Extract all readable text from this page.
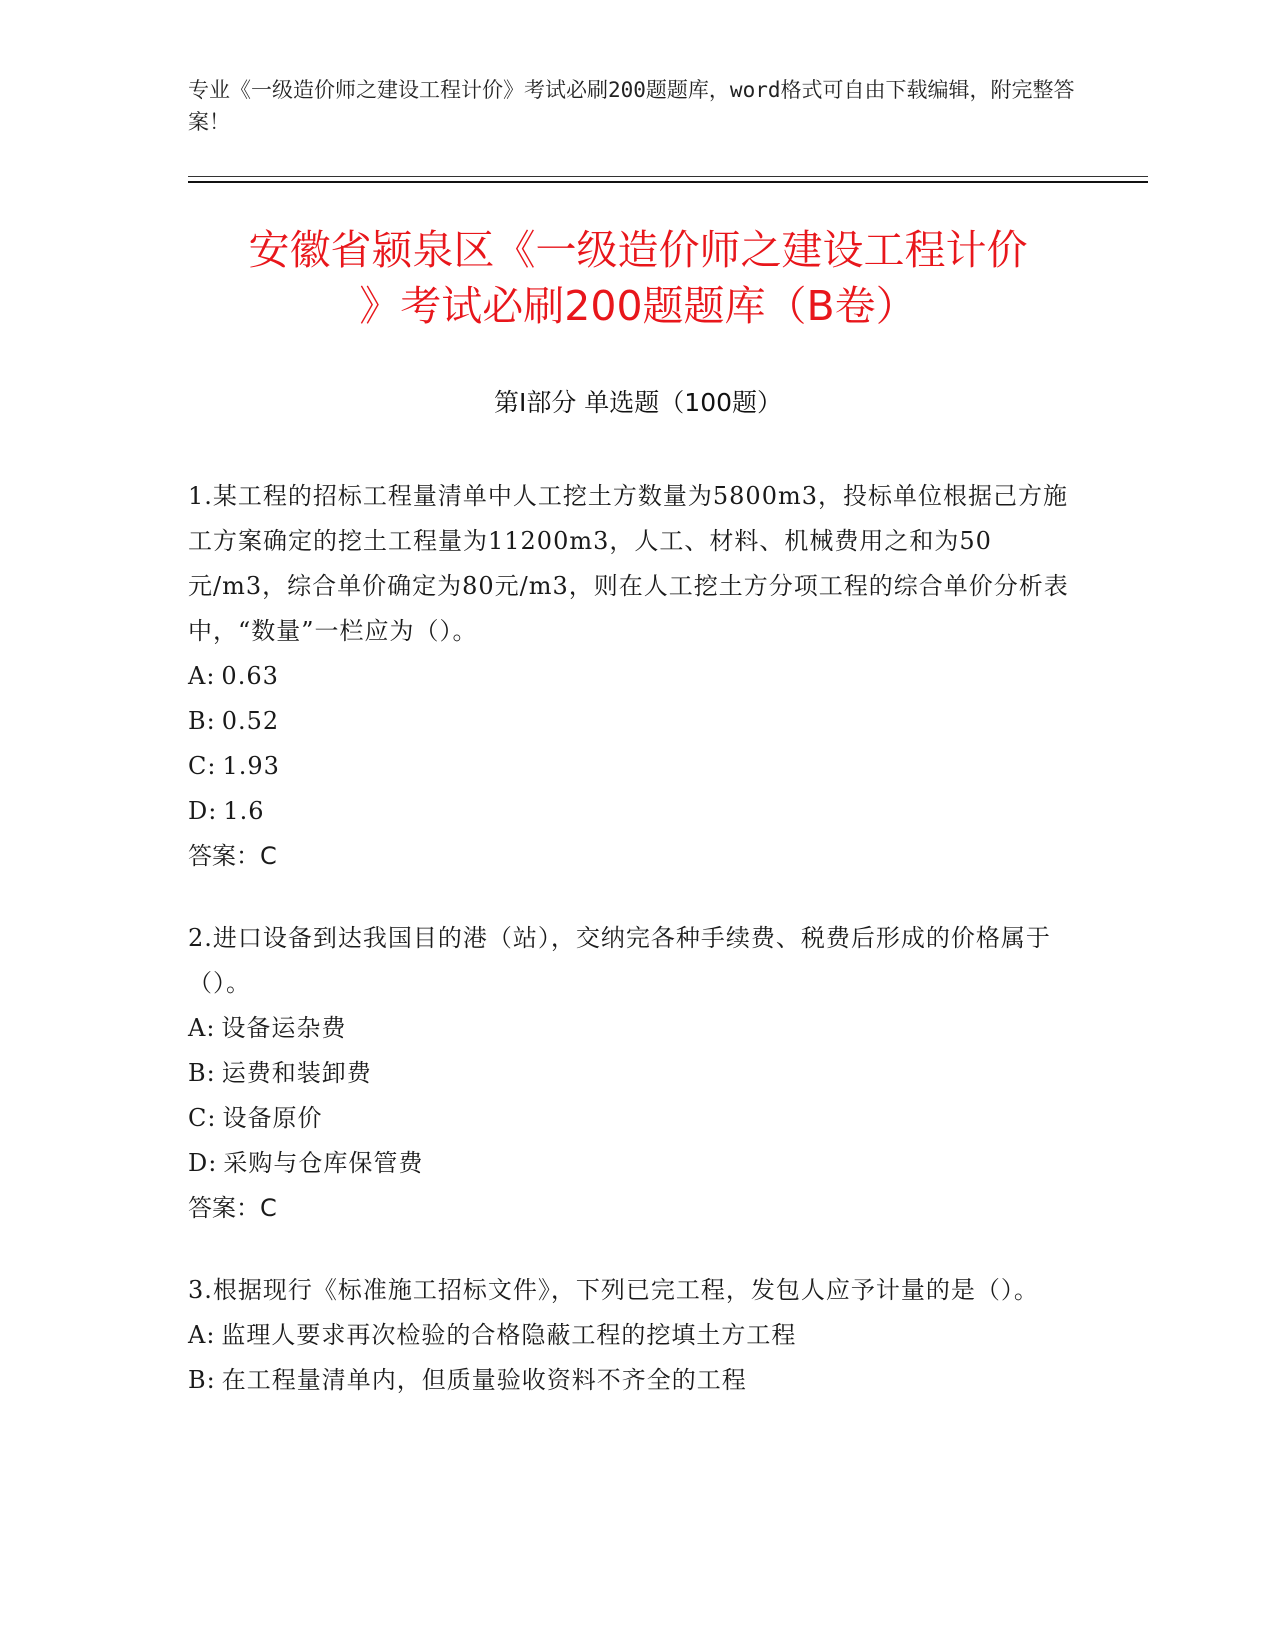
专业《一级造价师之建设工程计价》考试必刷200题题库，word格式可自由下载编辑，附完整答案！
安徽省颍泉区《一级造价师之建设工程计价
》考试必刷200题题库（B卷）
第Ⅰ部分 单选题（100题）

1.某工程的招标工程量清单中人工挖土方数量为5800m3，投标单位根据己方施工方案确定的挖土工程量为11200m3，人工、材料、机械费用之和为50元/m3，综合单价确定为80元/m3，则在人工挖土方分项工程的综合单价分析表中，“数量”一栏应为（）。

A: 0.63
B: 0.52
C: 1.93
D: 1.6

答案：C

2.进口设备到达我国目的港（站），交纳完各种手续费、税费后形成的价格属于（）。

A: 设备运杂费
B: 运费和装卸费
C: 设备原价
D: 采购与仓库保管费

答案：C

3.根据现行《标准施工招标文件》，下列已完工程，发包人应予计量的是（）。

A: 监理人要求再次检验的合格隐蔽工程的挖填土方工程
B: 在工程量清单内，但质量验收资料不齐全的工程
